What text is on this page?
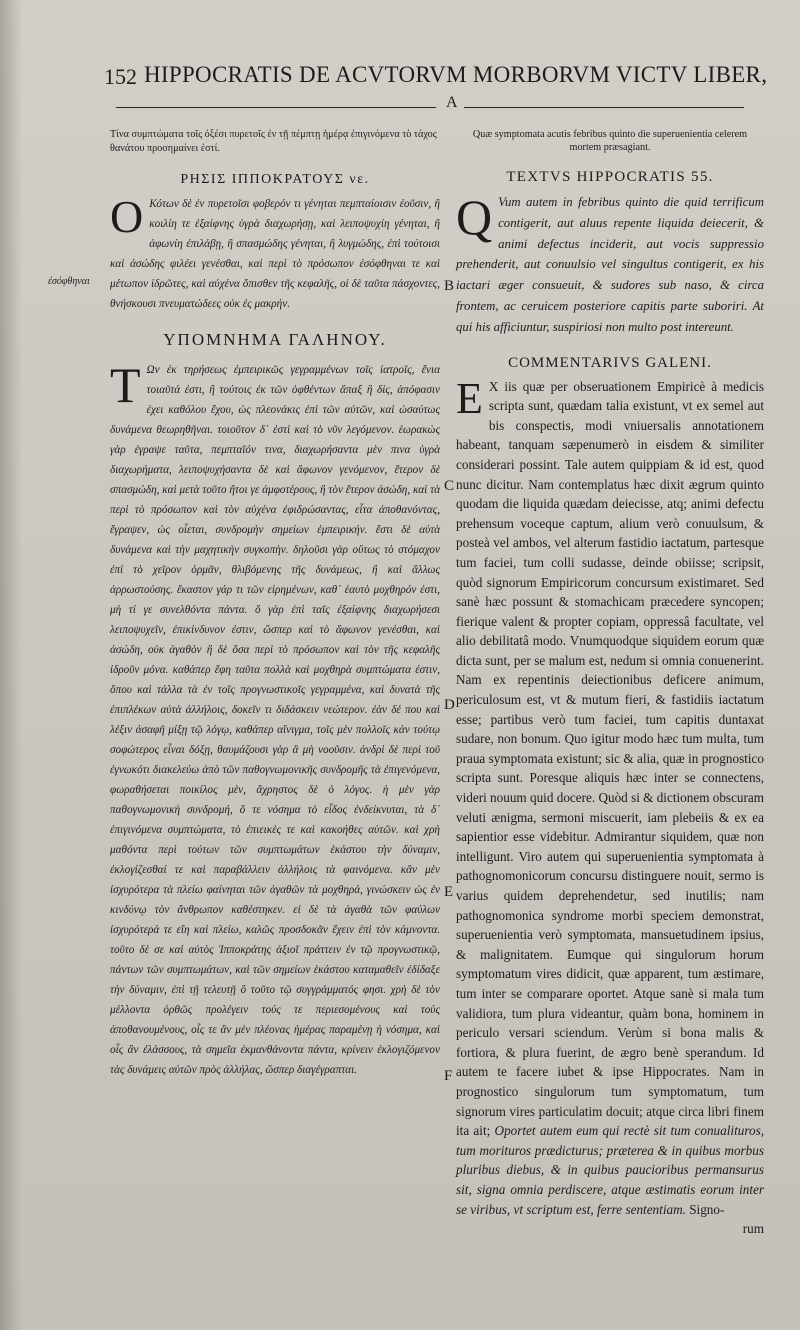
152 HIPPOCRATIS DE ACVTORVM MORBORVM VICTV LIBER,
A
ἐσόφθηναι	B
C
D
E
F

Τίνα συμπτώματα τοῖς ὀξέσι πυρετοῖς ἐν τῇ πέμπτῃ ἡμέρᾳ ἐπιγινόμενα τὸ τάχος θανάτου προσημαίνει ἐστί.

ΡΗΣΙΣ ΙΠΠΟΚΡΑΤΟΥΣ νε.

Ο Κότων δὲ ἐν πυρετοῖσι φοβερόν τι γένηται πεμπταίοισιν ἐοῦσιν, ἢ κοιλίη τε ἐξαίφνης ὑγρὰ διαχωρήσῃ, καὶ λειποψυχίη γένηται, ἢ ἀφωνίη ἐπιλάβῃ, ἢ σπασμώδης γένηται, ἢ λυγμώδης, ἐπὶ τούτοισι καὶ ἀσώδης φιλέει γενέσθαι, καὶ περὶ τὸ πρόσωπον ἐσόφθηναι τε καὶ μέτωπον ἱδρῶτες, καὶ αὐχένα ὄπισθεν τῆς κεφαλῆς, οἱ δὲ ταῦτα πάσχοντες, θνήσκουσι πνευματώδεες οὐκ ἐς μακρήν.

ΥΠΟΜΝΗΜΑ ΓΑΛΗΝΟΥ.

Τ Ων ἐκ τηρήσεως ἐμπειρικῶς γεγραμμένων τοῖς ἰατροῖς, ἔνια τοιαῦτά ἐστι, ἢ τούτοις ἐκ τῶν ὀφθέντων ἅπαξ ἢ δὶς, ἀπόφασιν ἐχει καθόλου ἔχου, ὡς πλεονάκις ἐπὶ τῶν αὐτῶν, καὶ ὡσαύτως δυνάμενα θεωρηθῆναι. τοιοῦτον δ᾽ ἐστὶ καὶ τὸ νῦν λεγόμενον. ἑωρακὼς γὰρ ἐγραψε ταῦτα, πεμπταῖόν τινα, διαχωρήσαντα μὲν πινα ὑγρὰ διαχωρήματα, λειποψυχήσαντα δὲ καὶ ἄφωνον γενόμενον, ἕτερον δὲ σπασμώδη, καὶ μετὰ τοῦτο ἤτοι γε ἀμφοτέρους, ἢ τὸν ἕτερον ἀσώδη, καὶ τὰ περὶ τὸ πρόσωπον καὶ τὸν αὐχένα ἐφιδρώσαντας, εἶτα ἀποθανόντας, ἔγραψεν, ὡς οἶεται, συνδρομὴν σημείων ἐμπειρικήν. ἔστι δὲ αὐτὰ δυνάμενα καὶ τὴν μαχητικὴν συγκοπὴν. δηλοῦσι γὰρ οὕτως τὸ στόμαχον ἐπὶ τὸ χεῖρον ὁρμᾶν, θλιβόμενης τῆς δυνάμεως, ἢ καὶ ἄλλως ἀρρωστούσης. ἔκαστον γάρ τι τῶν εἰρημένων, καθ᾽ ἑαυτὸ μοχθηρόν ἐστι, μὴ τί γε συνελθόντα πάντα. ὅ γὰρ ἐπὶ ταῖς ἐξαίφνης διαχωρήσεσι λειποψυχεῖν, ἐπικίνδυνον ἐστιν, ὥσπερ καὶ τὸ ἄφωνον γενέσθαι, καὶ ἀσώδη, οὐκ ἀγαθὸν ἢ δὲ ὅσα περὶ τὸ πρόσωπον καὶ τὸν τῆς κεφαλῆς ἱδροῦν μόνα. καθάπερ ἔφη ταῦτα πολλὰ καὶ μοχθηρὰ συμπτώματα ἐστιν, ὅπου καὶ τάλλα τὰ ἐν τοῖς προγνωστικοῖς γεγραμμένα, καὶ δυνατὰ τῆς ἐπιπλέκων αὐτὰ ἀλλήλοις, δοκεῖν τι διδάσκειν νεώτερον. ἐὰν δέ που καὶ λέξιν ἀσαφῆ μίξῃ τῷ λόγῳ, καθάπερ αἴνιγμα, τοῖς μὲν πολλοῖς κἀν τούτῳ σοφώτερος εἶναι δόξῃ, θαυμάζουσι γὰρ ἃ μὴ νοοῦσιν. ἀνδρὶ δὲ περὶ τοῦ ἐγνωκότι διακελεύω ἀπὸ τῶν παθογνωμονικῆς συνδρομῆς τὰ ἐπιγενόμενα, φωραθήσεται ποικίλος μὲν, ἄχρηστος δὲ ὁ λόγος. ἡ μὲν γὰρ παθογνωμονικὴ συνδρομή, ὅ τε νόσημα τὸ εἶδος ἐνδείκνυται, τὰ δ᾽ ἐπιγινόμενα συμπτώματα, τὸ ἐπιεικὲς τε καὶ κακοήθες αὐτῶν. καὶ χρὴ μαθόντα περὶ τούτων τῶν συμπτωμάτων ἑκάστου τὴν δύναμιν, ἐκλογίζεσθαί τε καὶ παραβάλλειν ἀλλήλοις τὰ φαινόμενα. κἂν μὲν ἰσχυρότερα τὰ πλείω φαίνηται τῶν ἀγαθῶν τὰ μοχθηρά, γινώσκειν ὡς ἐν κινδύνῳ τὸν ἄνθρωπον καθέστηκεν. εἰ δὲ τὰ ἀγαθὰ τῶν φαύλων ἰσχυρότερά τε εἴη καὶ πλείω, καλῶς προσδοκᾶν ἔχειν ἐπὶ τὸν κάμνοντα. τοῦτο δὲ σε καὶ αὐτὸς Ἱπποκράτης ἀξιοῖ πράττειν ἐν τῷ προγνωστικῷ, πάντων τῶν συμπτωμάτων, καὶ τῶν σημείων ἑκάστου καταμαθεῖν ἐδίδαξε τὴν δύναμιν, ἐπὶ τῇ τελευτῇ ὃ τοῦτο τῷ συγγράμματός φησι. χρὴ δὲ τὸν μέλλοντα ὀρθῶς προλέγειν τούς τε περιεσομένους καὶ τοὺς ἀποθανουμένους, οἷς τε ἂν μὲν πλέονας ἡμέρας παραμένῃ ἡ νόσημα, καὶ οἷς ἂν ἐλάσσους, τὰ σημεῖα ἐκμανθάνοντα πάντα, κρίνειν ἐκλογιζόμενον τὰς δυνάμεις αὐτῶν πρὸς ἀλλήλας, ὥσπερ διαγέγραπται.

Quæ symptomata acutis febribus quinto die superuenientia celerem mortem præsagiant.

TEXTVS HIPPOCRATIS 55.

Q Vum autem in febribus quinto die quid terrificum contigerit, aut aluus repente liquida deiecerit, & animi defectus inciderit, aut vocis suppressio prehenderit, aut conuulsio vel singultus contigerit, ex his iactari æger consueuit, & sudores sub naso, & circa frontem, ac ceruicem posteriore capitis parte suboriri. At qui his afficiuntur, suspiriosi non multo post intereunt.

COMMENTARIVS GALENI.

E X iis quæ per obseruationem Empiricè à medicis scripta sunt, quædam talia existunt, vt ex semel aut bis conspectis, modi vniuersalis annotationem habeant, tanquam sæpenumerò in eisdem & similiter considerari possint. Tale autem quippiam & id est, quod nunc dicitur. Nam contemplatus hæc dixit ægrum quinto quodam die liquida quædam deiecisse, atq; animi defectu prehensum voceque captum, alium verò conuulsum, & posteà vel ambos, vel alterum fastidio iactatum, partesque tum faciei, tum colli sudasse, deinde obiisse; scripsit, quòd signorum Empiricorum concursum existimaret. Sed sanè hæc possunt & stomachicam præcedere syncopen; fierique valent & propter copiam, oppressâ facultate, vel alio debilitatâ modo. Vnumquodque siquidem eorum quæ dicta sunt, per se malum est, nedum si omnia conuenerint. Nam ex repentinis deiectionibus deficere animum, periculosum est, vt & mutum fieri, & fastidiis iactatum esse; partibus verò tum faciei, tum capitis duntaxat sudare, non bonum. Quo igitur modo hæc tum multa, tum praua symptomata existunt; sic & alia, quæ in prognostico scripta sunt. Poresque aliquis hæc inter se connectens, videri nouum quid docere. Quòd si & dictionem obscuram veluti ænigma, sermoni miscuerit, iam plebeiis & ex ea sapientior esse videbitur. Admirantur siquidem, quæ non intelligunt. Viro autem qui superuenientia symptomata à pathognomonicorum concursu distinguere nouit, sermo is varius quidem deprehendetur, sed inutilis; nam pathognomonica syndrome morbi speciem demonstrat, superuenientia verò symptomata, mansuetudinem ipsius, & malignitatem. Eumque qui singulorum horum symptomatum vires didicit, quæ apparent, tum æstimare, tum inter se comparare oportet. Atque sanè si mala tum validiora, tum plura videantur, quàm bona, hominem in periculo versari sciendum. Verùm si bona malis & fortiora, & plura fuerint, de ægro benè sperandum. Id autem te facere iubet & ipse Hippocrates. Nam in prognostico singulorum tum symptomatum, tum signorum vires particulatim docuit; atque circa libri finem ita ait; Oportet autem eum qui rectè sit tum conualituros, tum morituros prædicturus; præterea & in quibus morbus pluribus diebus, & in quibus paucioribus permansurus sit, signa omnia perdiscere, atque æstimatis eorum inter se viribus, vt scriptum est, ferre sententiam. Signo-

rum
